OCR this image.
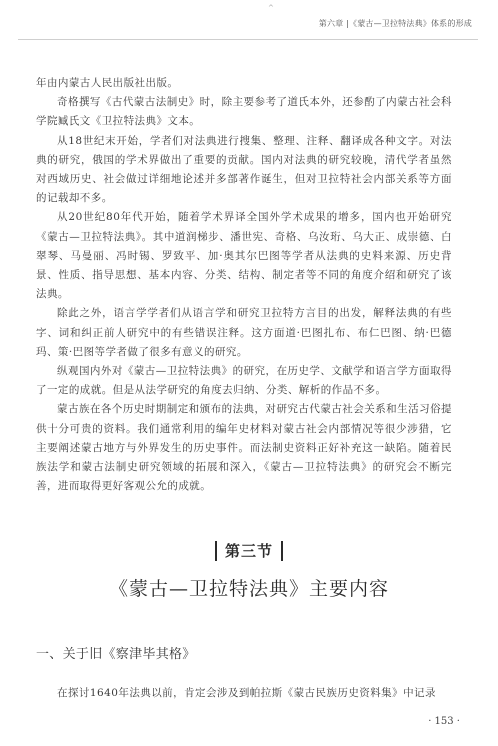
^
第六章 |《蒙古—卫拉特法典》体系的形成

年由内蒙古人民出版社出版。

奇格撰写《古代蒙古法制史》时，除主要参考了道氏本外，还参酌了内蒙古社会科学院臧氏文《卫拉特法典》文本。

从18世纪末开始，学者们对法典进行搜集、整理、注释、翻译成各种文字。对法典的研究，俄国的学术界做出了重要的贡献。国内对法典的研究较晚，清代学者虽然对西域历史、社会做过详细地论述并多部著作诞生，但对卫拉特社会内部关系等方面的记载却不多。

从20世纪80年代开始，随着学术界译全国外学术成果的增多，国内也开始研究《蒙古—卫拉特法典》。其中道润梯步、潘世宪、奇格、乌汝珩、乌大正、成崇德、白翠琴、马曼丽、冯时锡、罗致平、加·奥其尔巴图等学者从法典的史料来源、历史背景、性质、指导思想、基本内容、分类、结构、制定者等不同的角度介绍和研究了该法典。

除此之外，语言学学者们从语言学和研究卫拉特方言目的出发，解释法典的有些字、词和纠正前人研究中的有些错误注释。这方面道·巴图扎布、布仁巴图、纳·巴德玛、策·巴图等学者做了很多有意义的研究。

纵观国内外对《蒙古—卫拉特法典》的研究，在历史学、文献学和语言学方面取得了一定的成就。但是从法学研究的角度去归纳、分类、解析的作品不多。

蒙古族在各个历史时期制定和颁布的法典，对研究古代蒙古社会关系和生活习俗提供十分可贵的资料。我们通常利用的编年史材料对蒙古社会内部情况等很少涉猎，它主要阐述蒙古地方与外界发生的历史事件。而法制史资料正好补充这一缺陷。随着民族法学和蒙古法制史研究领域的拓展和深入，《蒙古—卫拉特法典》的研究会不断完善，进而取得更好客观公允的成就。

第三节
《蒙古—卫拉特法典》主要内容
一、关于旧《察津毕其格》
在探讨1640年法典以前，肯定会涉及到帕拉斯《蒙古民族历史资料集》中记录
· 153 ·
